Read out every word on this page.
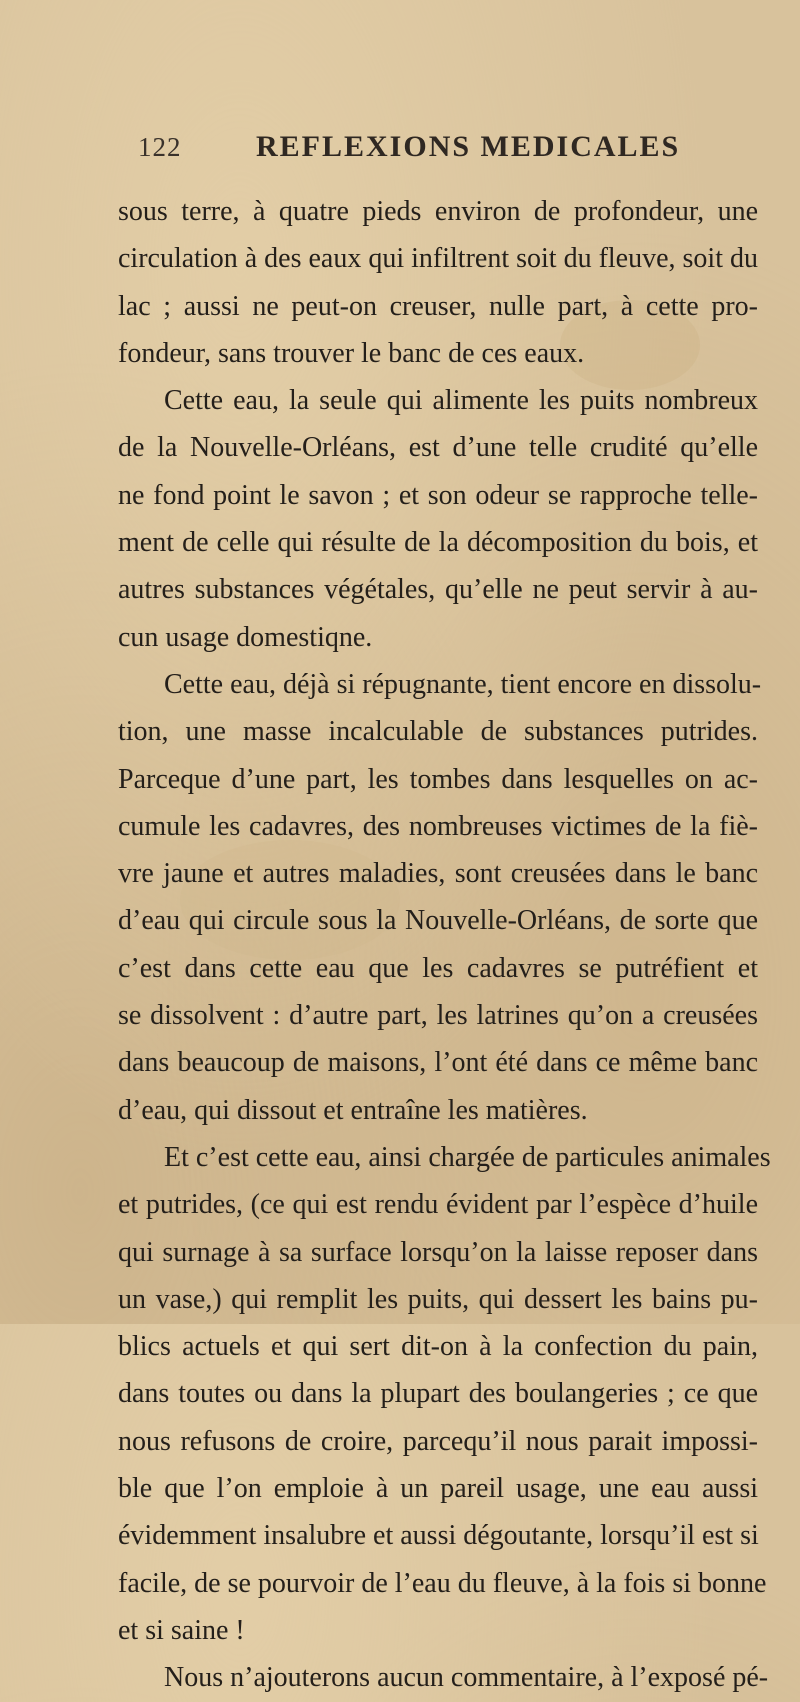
122 REFLEXIONS MEDICALES

sous terre, à quatre pieds environ de profondeur, une
circulation à des eaux qui infiltrent soit du fleuve, soit du
lac ; aussi ne peut-on creuser, nulle part, à cette pro-
fondeur, sans trouver le banc de ces eaux.

Cette eau, la seule qui alimente les puits nombreux
de la Nouvelle-Orléans, est d’une telle crudité qu’elle
ne fond point le savon ; et son odeur se rapproche telle-
ment de celle qui résulte de la décomposition du bois, et
autres substances végétales, qu’elle ne peut servir à au-
cun usage domestiqne.

Cette eau, déjà si répugnante, tient encore en dissolu-
tion, une masse incalculable de substances putrides.
Parceque d’une part, les tombes dans lesquelles on ac-
cumule les cadavres, des nombreuses victimes de la fiè-
vre jaune et autres maladies, sont creusées dans le banc
d’eau qui circule sous la Nouvelle-Orléans, de sorte que
c’est dans cette eau que les cadavres se putréfient et
se dissolvent : d’autre part, les latrines qu’on a creusées
dans beaucoup de maisons, l’ont été dans ce même banc
d’eau, qui dissout et entraîne les matières.

Et c’est cette eau, ainsi chargée de particules animales
et putrides, (ce qui est rendu évident par l’espèce d’huile
qui surnage à sa surface lorsqu’on la laisse reposer dans
un vase,) qui remplit les puits, qui dessert les bains pu-
blics actuels et qui sert dit-on à la confection du pain,
dans toutes ou dans la plupart des boulangeries ; ce que
nous refusons de croire, parcequ’il nous parait impossi-
ble que l’on emploie à un pareil usage, une eau aussi
évidemment insalubre et aussi dégoutante, lorsqu’il est si
facile, de se pourvoir de l’eau du fleuve, à la fois si bonne
et si saine !

Nous n’ajouterons aucun commentaire, à l’exposé pé-
